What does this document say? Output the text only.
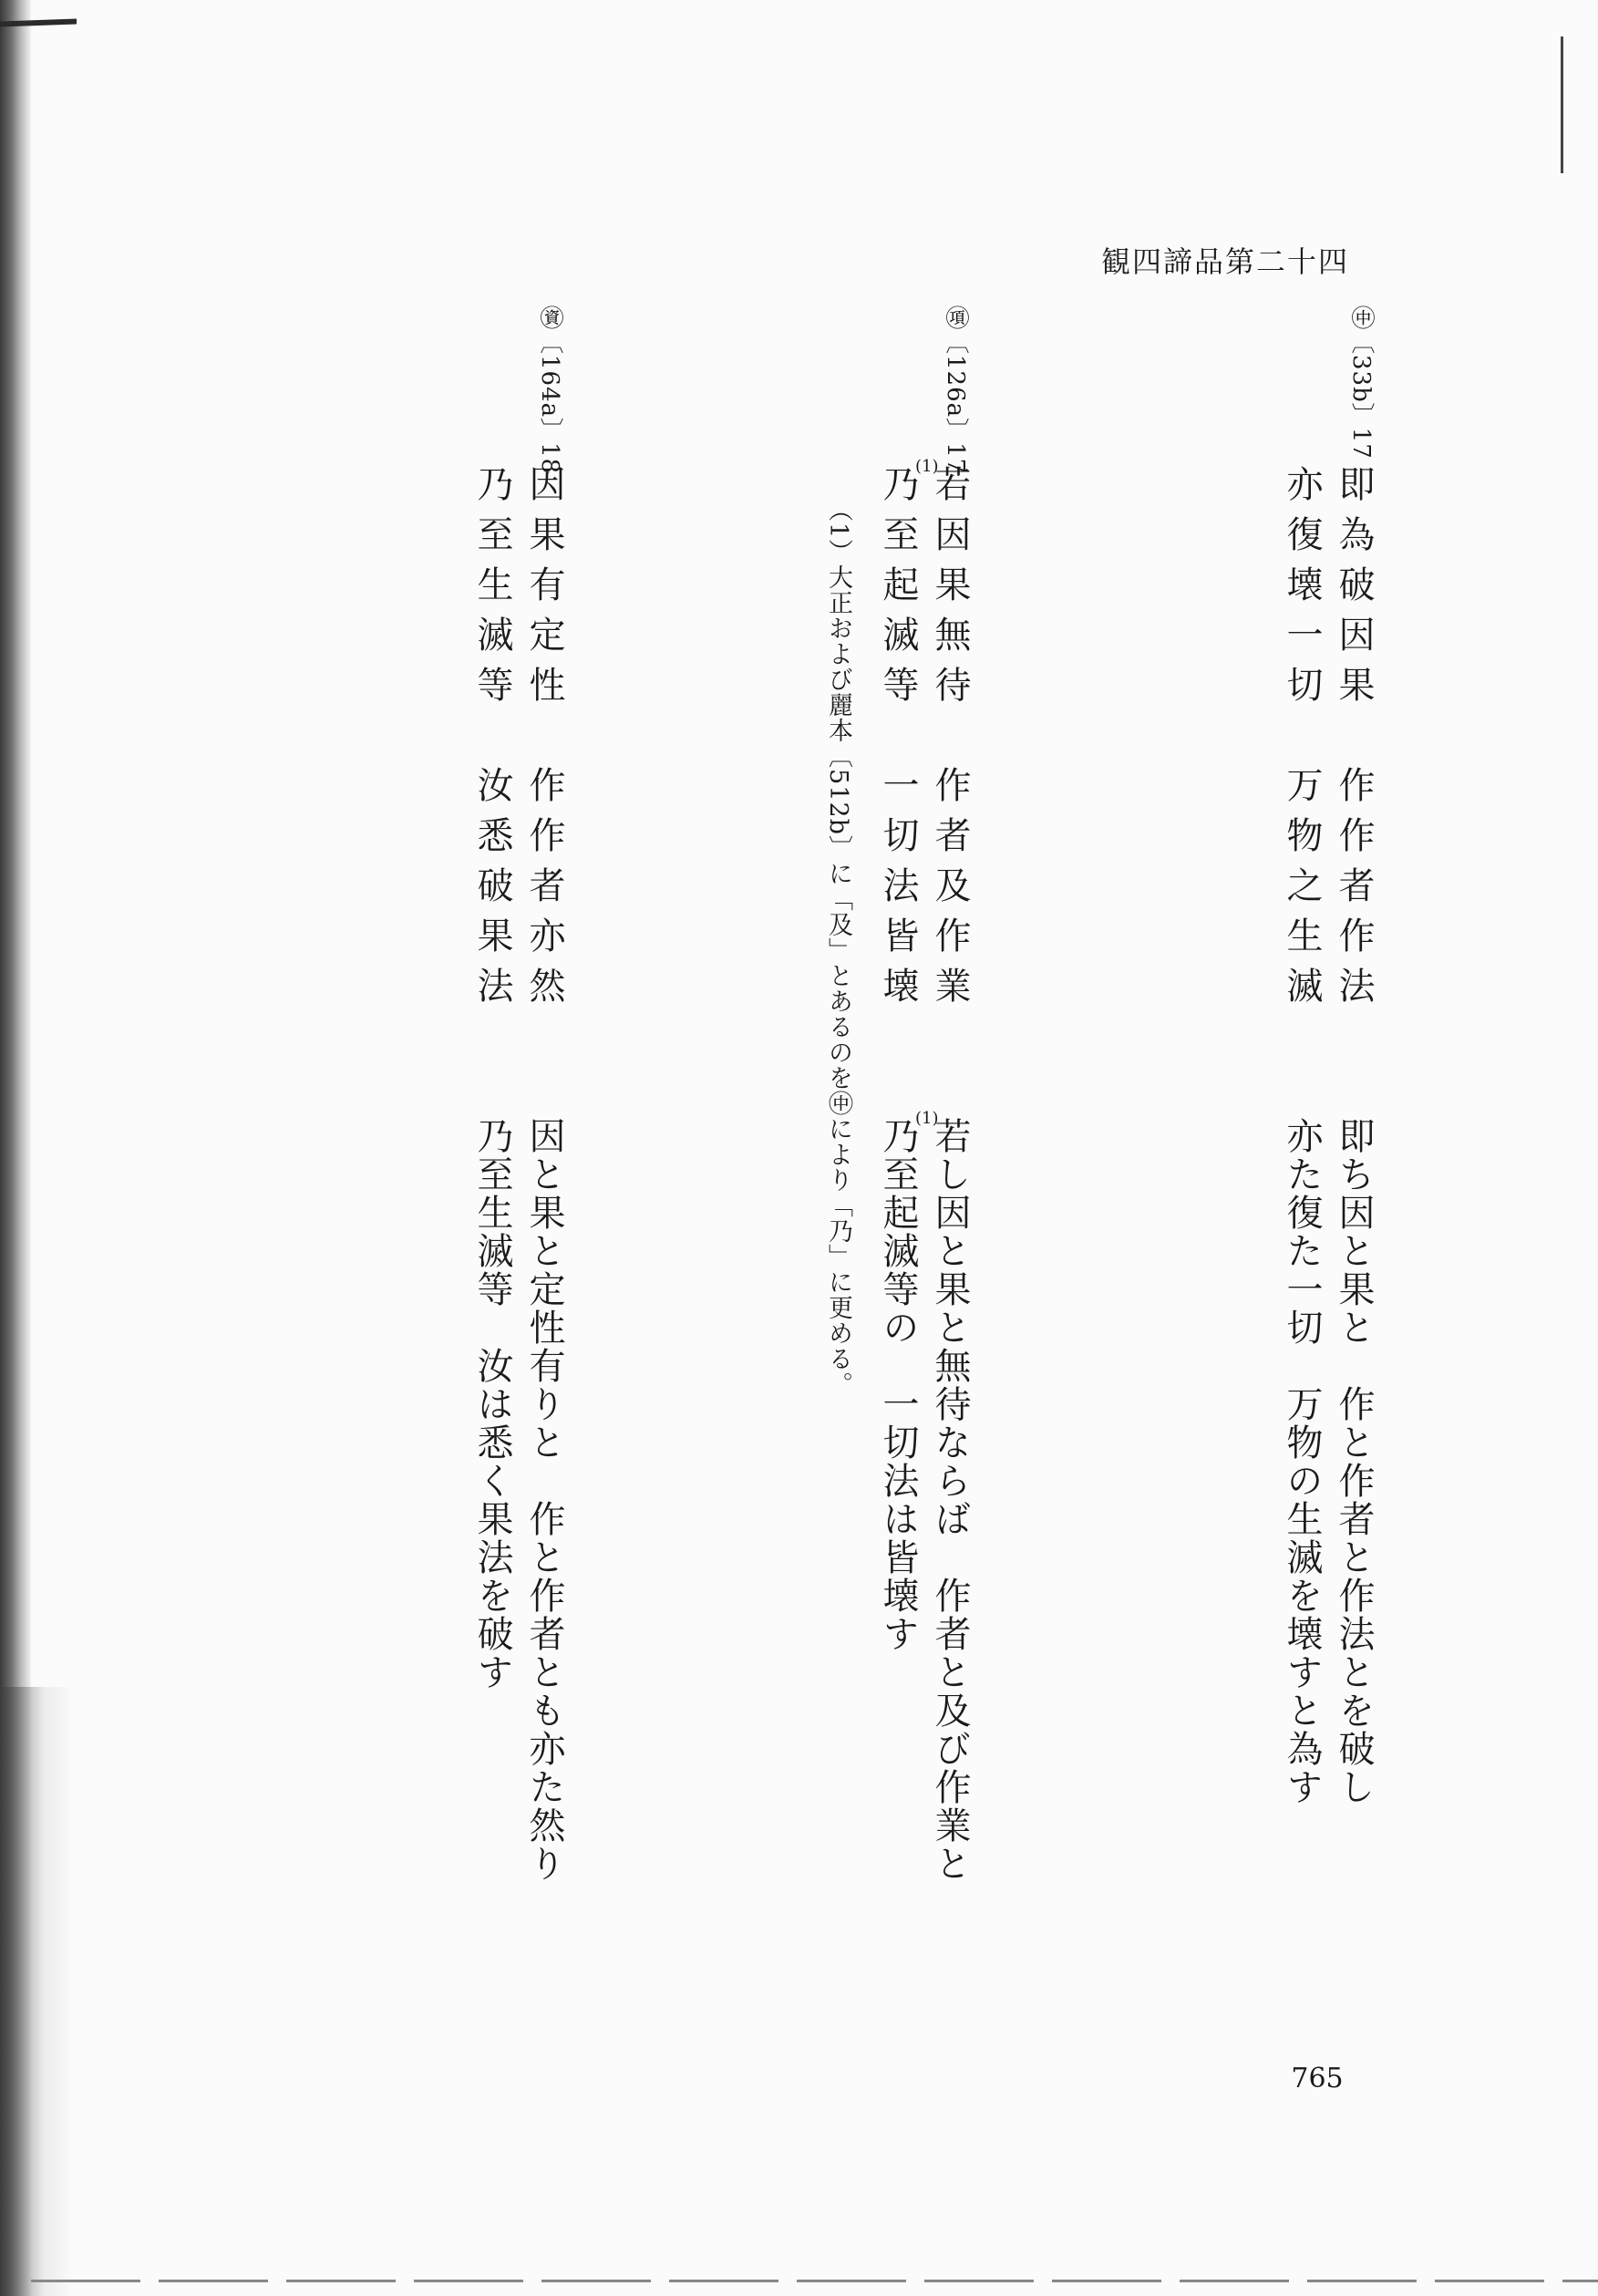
観四諦品第二十四
㊥〔33b〕17
即為破因果　作作者作法
亦復壊一切　万物之生滅
即ち因と果と　作と作者と作法とを破し
亦た復た一切　万物の生滅を壊すと為す
㊠〔126a〕17
若因果無待　作者及作業
乃至起滅等　一切法皆壊
若し因と果と無待ならば　作者と及び作業と
乃至起滅等の　一切法は皆壊す
(1)
(1)
（1）大正および麗本〔512b〕に「及」とあるのを㊥により「乃」に更める。
㊮〔164a〕18
因果有定性　作作者亦然
乃至生滅等　汝悉破果法
因と果と定性有りと　作と作者とも亦た然り
乃至生滅等　汝は悉く果法を破す
765
